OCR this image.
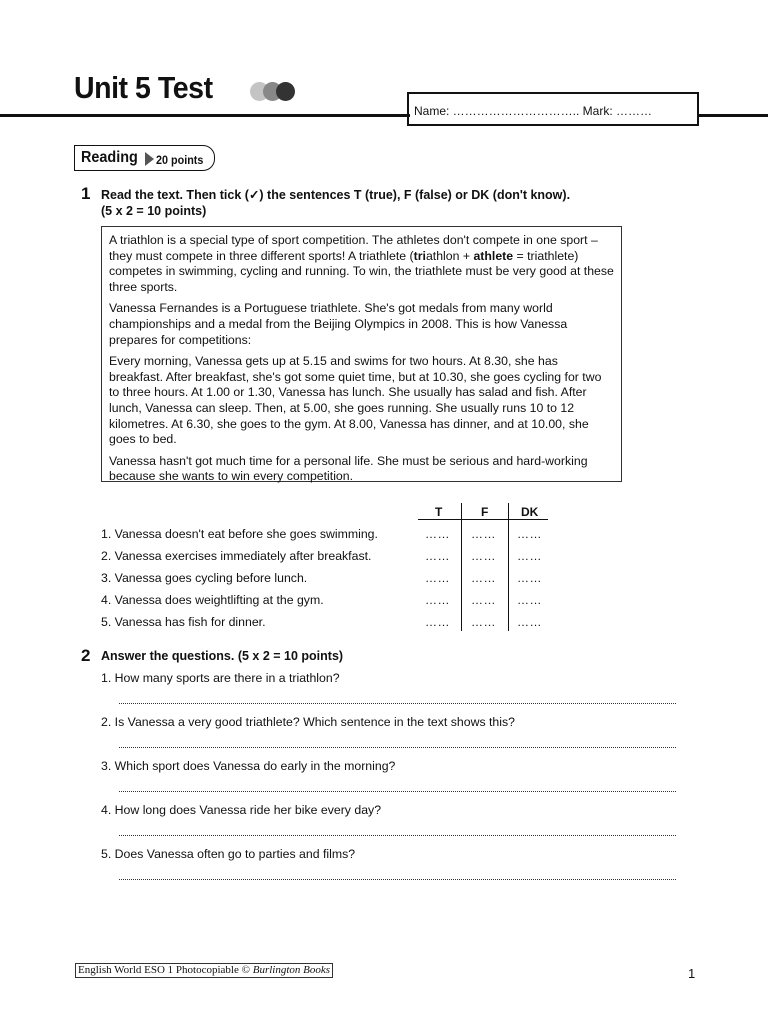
Unit 5 Test
Name: ………………………….. Mark: ………
Reading 20 points
1 Read the text. Then tick (✓) the sentences T (true), F (false) or DK (don't know).
(5 x 2 = 10 points)

A triathlon is a special type of sport competition. The athletes don't compete in one sport – they must compete in three different sports! A triathlete (triathlon + athlete = triathlete) competes in swimming, cycling and running. To win, the triathlete must be very good at these three sports.

Vanessa Fernandes is a Portuguese triathlete. She's got medals from many world championships and a medal from the Beijing Olympics in 2008. This is how Vanessa prepares for competitions:

Every morning, Vanessa gets up at 5.15 and swims for two hours. At 8.30, she has breakfast. After breakfast, she's got some quiet time, but at 10.30, she goes cycling for two to three hours. At 1.00 or 1.30, Vanessa has lunch. She usually has salad and fish. After lunch, Vanessa can sleep. Then, at 5.00, she goes running. She usually runs 10 to 12 kilometres. At 6.30, she goes to the gym. At 8.00, Vanessa has dinner, and at 10.00, she goes to bed.

Vanessa hasn't got much time for a personal life. She must be serious and hard-working because she wants to win every competition.

T	F	DK
1. Vanessa doesn't eat before she goes swimming.	…… …… ……
2. Vanessa exercises immediately after breakfast.	…… …… ……
3. Vanessa goes cycling before lunch.	…… …… ……
4. Vanessa does weightlifting at the gym.	…… …… ……
5. Vanessa has fish for dinner.	…… …… ……
2 Answer the questions. (5 x 2 = 10 points)
1. How many sports are there in a triathlon?
2. Is Vanessa a very good triathlete? Which sentence in the text shows this?
3. Which sport does Vanessa do early in the morning?
4. How long does Vanessa ride her bike every day?
5. Does Vanessa often go to parties and films?
English World ESO 1 Photocopiable © Burlington Books	1
